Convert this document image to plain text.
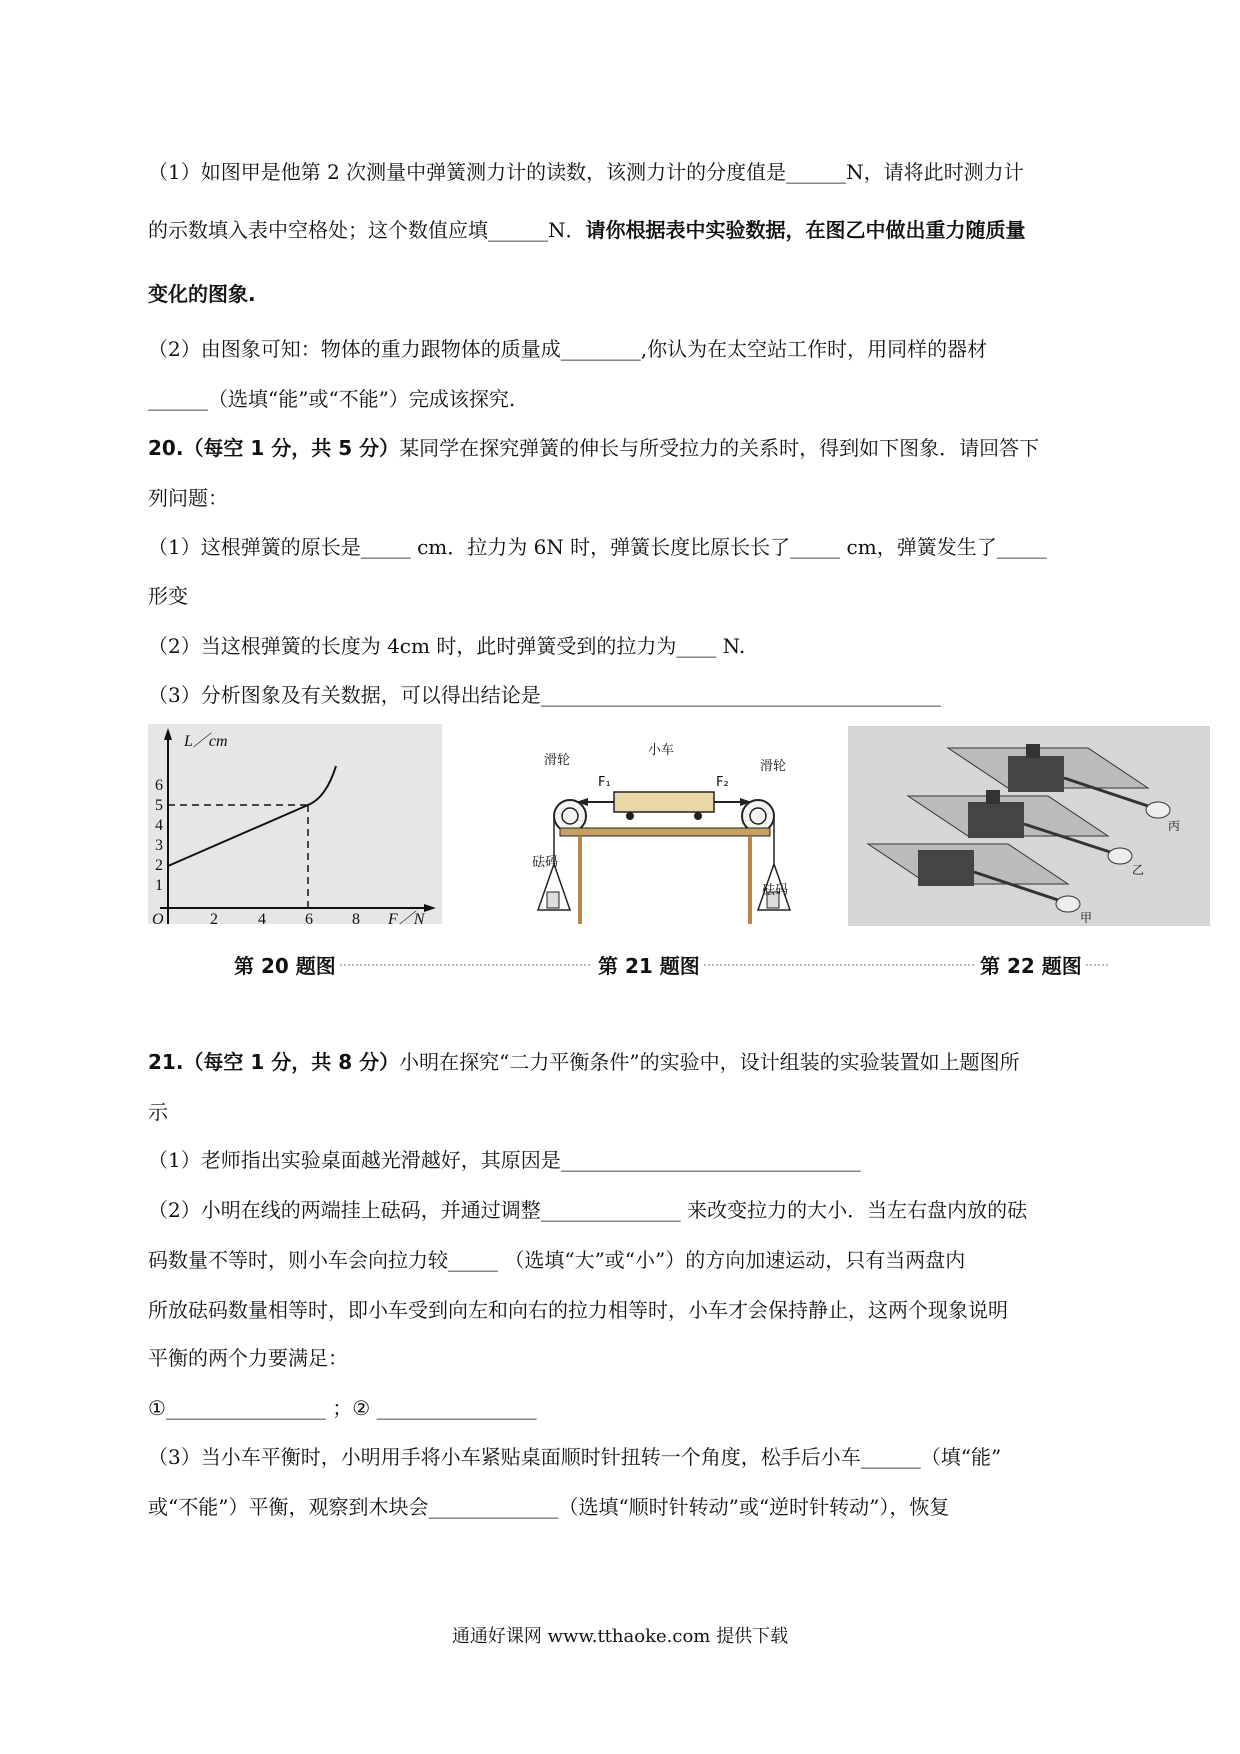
（1）如图甲是他第 2 次测量中弹簧测力计的读数，该测力计的分度值是______N，请将此时测力计
的示数填入表中空格处；这个数值应填______N．请你根据表中实验数据，在图乙中做出重力随质量
变化的图象.
（2）由图象可知：物体的重力跟物体的质量成________,你认为在太空站工作时，用同样的器材
______（选填“能”或“不能”）完成该探究.
20.（每空 1 分，共 5 分）某同学在探究弹簧的伸长与所受拉力的关系时，得到如下图象．请回答下
列问题：
（1）这根弹簧的原长是_____ cm．拉力为 6N 时，弹簧长度比原长长了_____ cm，弹簧发生了_____
形变
（2）当这根弹簧的长度为 4cm 时，此时弹簧受到的拉力为____ N.
（3）分析图象及有关数据，可以得出结论是________________________________________
L／cm
F／N
O	2	4 6 8
1
2
3
4
5
6
滑轮	滑轮
小车
F₁	F₂
砝码
砝码
丙
乙
甲
第 20 题图	第 21 题图	第 22 题图
21.（每空 1 分，共 8 分）小明在探究“二力平衡条件”的实验中，设计组装的实验装置如上题图所
示
（1）老师指出实验桌面越光滑越好，其原因是______________________________
（2）小明在线的两端挂上砝码，并通过调整______________ 来改变拉力的大小．当左右盘内放的砝
码数量不等时，则小车会向拉力较_____ （选填“大”或“小”）的方向加速运动，只有当两盘内
所放砝码数量相等时，即小车受到向左和向右的拉力相等时，小车才会保持静止，这两个现象说明
平衡的两个力要满足：
①________________ ；② ________________
（3）当小车平衡时，小明用手将小车紧贴桌面顺时针扭转一个角度，松手后小车______（填“能”
或“不能”）平衡，观察到木块会_____________（选填“顺时针转动”或“逆时针转动”），恢复
通通好课网 www.tthaoke.com 提供下载
